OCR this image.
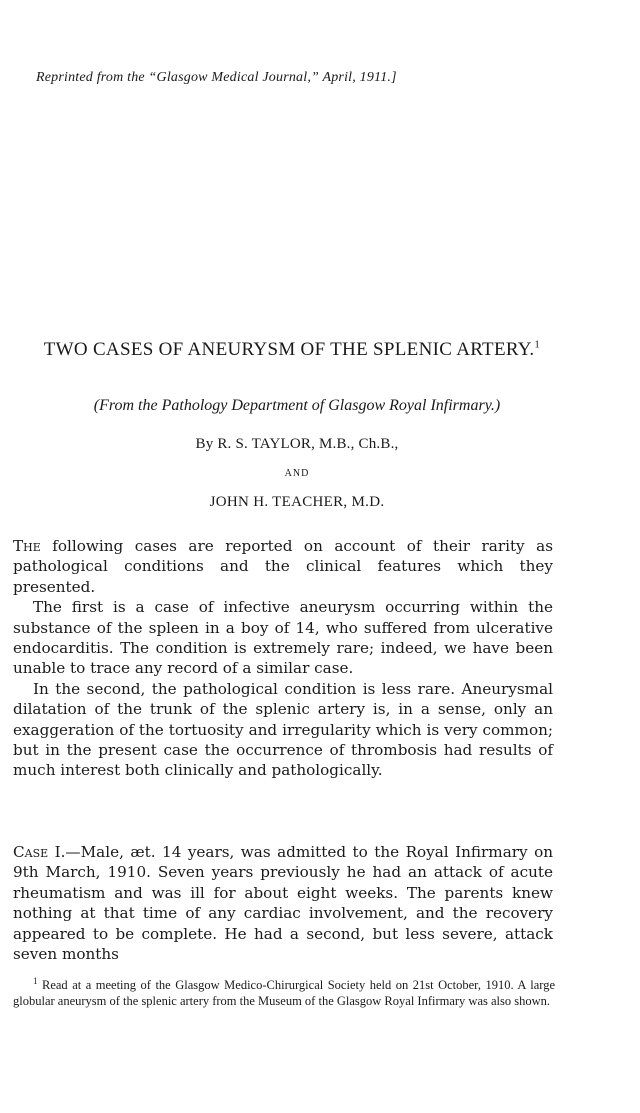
Reprinted from the “Glasgow Medical Journal,” April, 1911.]
TWO CASES OF ANEURYSM OF THE SPLENIC ARTERY.$^1$
(From the Pathology Department of Glasgow Royal Infirmary.)
By R. S. TAYLOR, M.B., Ch.B.,
AND
JOHN H. TEACHER, M.D.

The following cases are reported on account of their rarity as pathological conditions and the clinical features which they presented.

The first is a case of infective aneurysm occurring within the substance of the spleen in a boy of 14, who suffered from ulcerative endocarditis. The condition is extremely rare; indeed, we have been unable to trace any record of a similar case.

In the second, the pathological condition is less rare. Aneurysmal dilatation of the trunk of the splenic artery is, in a sense, only an exaggeration of the tortuosity and irregularity which is very common; but in the present case the occurrence of thrombosis had results of much interest both clinically and pathologically.

Case I.—Male, æt. 14 years, was admitted to the Royal Infirmary on 9th March, 1910. Seven years previously he had an attack of acute rheumatism and was ill for about eight weeks. The parents knew nothing at that time of any cardiac involvement, and the recovery appeared to be complete. He had a second, but less severe, attack seven months

$^1$ Read at a meeting of the Glasgow Medico-Chirurgical Society held on 21st October, 1910. A large globular aneurysm of the splenic artery from the Museum of the Glasgow Royal Infirmary was also shown.
